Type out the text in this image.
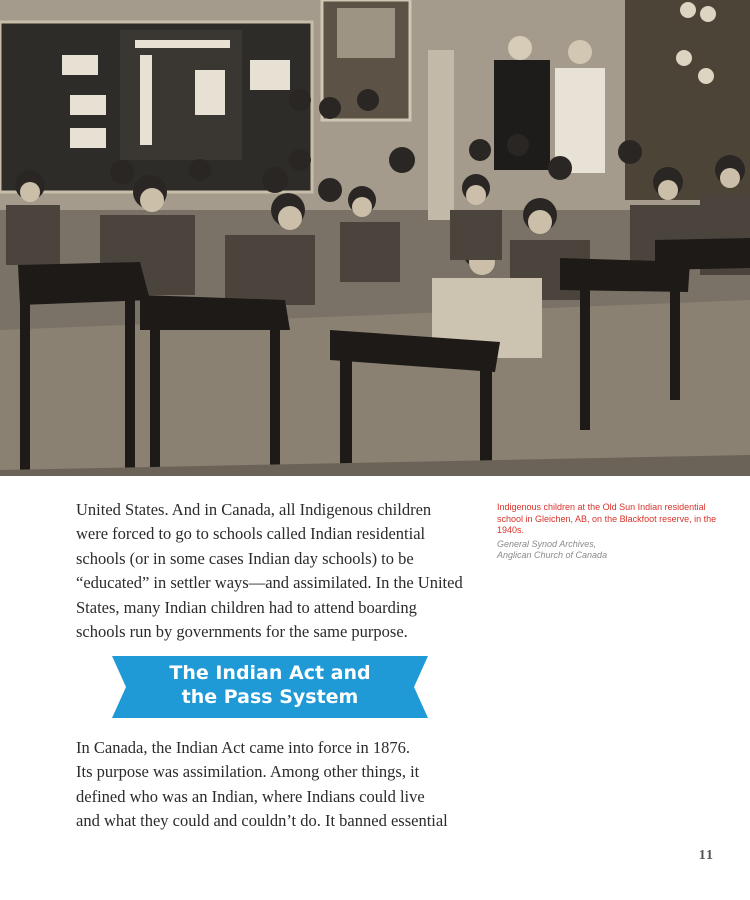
United States. And in Canada, all Indigenous children
were forced to go to schools called Indian residential
schools (or in some cases Indian day schools) to be
“educated” in settler ways—and assimilated. In the United
States, many Indian children had to attend boarding
schools run by governments for the same purpose.

Indigenous children at the Old Sun Indian residential school in Gleichen, AB, on the Blackfoot reserve, in the 1940s.
General Synod Archives,
Anglican Church of Canada
The Indian Act and
the Pass System

In Canada, the Indian Act came into force in 1876.
Its purpose was assimilation. Among other things, it
defined who was an Indian, where Indians could live
and what they could and couldn’t do. It banned essential

11
